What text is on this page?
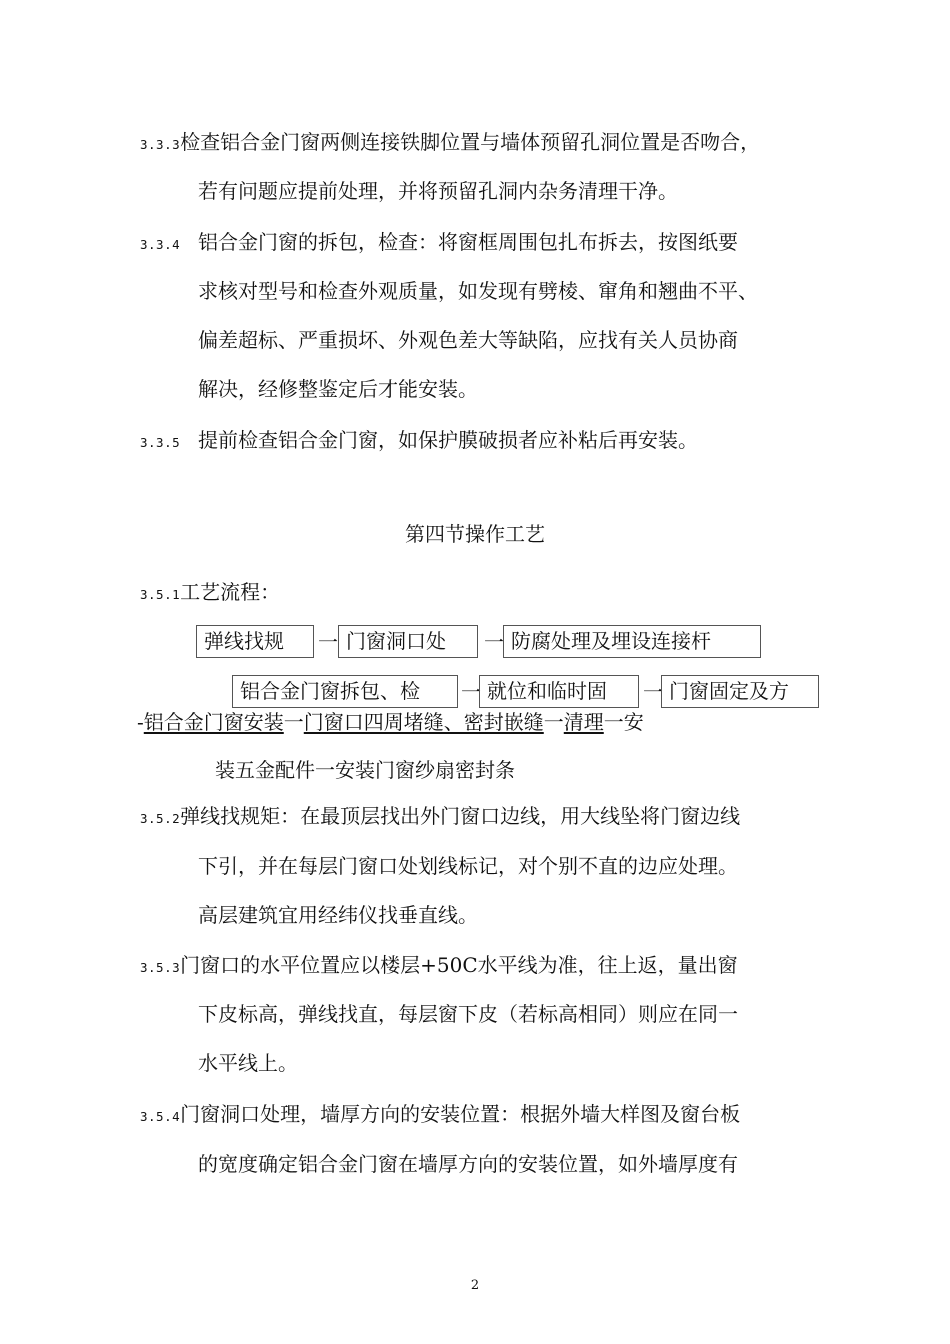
3.3.3检查铝合金门窗两侧连接铁脚位置与墙体预留孔洞位置是否吻合，
若有问题应提前处理，并将预留孔洞内杂务清理干净。
3.3.4 铝合金门窗的拆包，检查：将窗框周围包扎布拆去，按图纸要
求核对型号和检查外观质量，如发现有劈棱、窜角和翘曲不平、
偏差超标、严重损坏、外观色差大等缺陷，应找有关人员协商
解决，经修整鉴定后才能安装。
3.3.5 提前检查铝合金门窗，如保护膜破损者应补粘后再安装。
第四节操作工艺
3.5.1工艺流程：
弹线找规	一 门窗洞口处	一 防腐处理及埋设连接杆
铝合金门窗拆包、检	一 就位和临时固	一 门窗固定及方
-铝合金门窗安装一门窗口四周堵缝、密封嵌缝一清理一安
装五金配件一安装门窗纱扇密封条
3.5.2弹线找规矩：在最顶层找出外门窗口边线，用大线坠将门窗边线
下引，并在每层门窗口处划线标记，对个别不直的边应处理。
高层建筑宜用经纬仪找垂直线。
3.5.3门窗口的水平位置应以楼层+50C水平线为准，往上返，量出窗
下皮标高，弹线找直，每层窗下皮（若标高相同）则应在同一
水平线上。
3.5.4门窗洞口处理，墙厚方向的安装位置：根据外墙大样图及窗台板
的宽度确定铝合金门窗在墙厚方向的安装位置，如外墙厚度有
2
